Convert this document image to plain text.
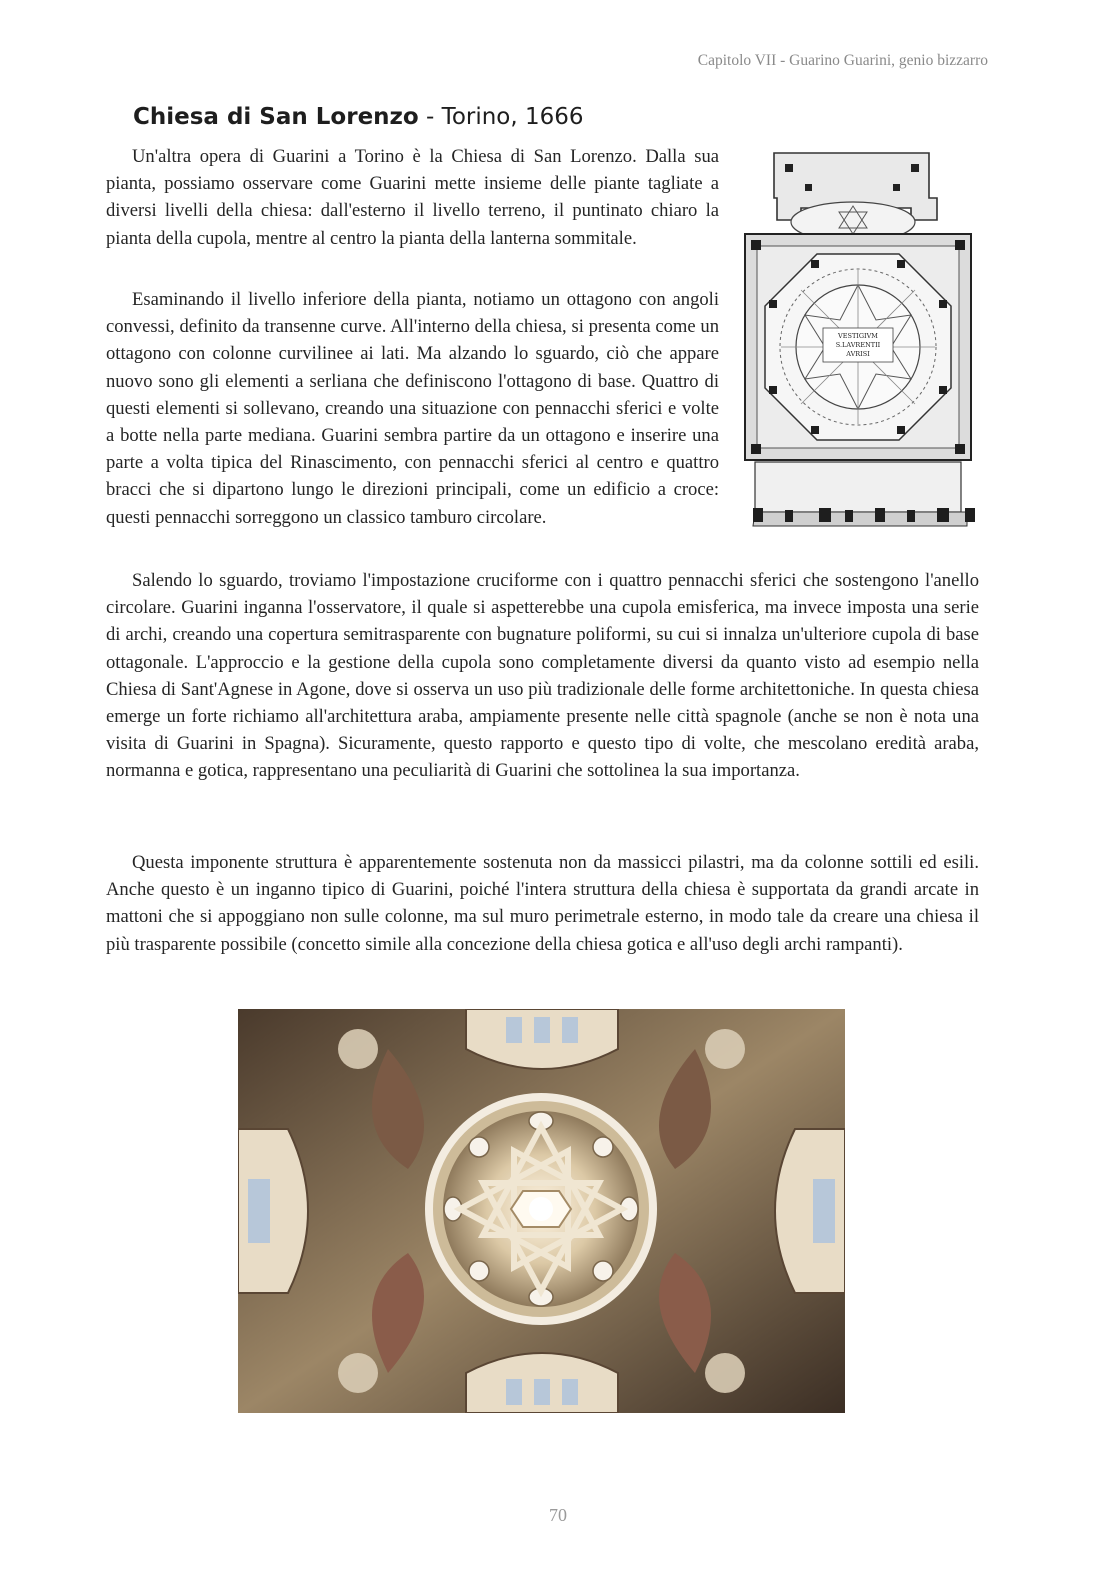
Capitolo VII - Guarino Guarini, genio bizzarro
Chiesa di San Lorenzo - Torino, 1666

Un'altra opera di Guarini a Torino è la Chiesa di San Lorenzo. Dalla sua pianta, possiamo osservare come Guarini mette insieme delle piante tagliate a diversi livelli della chiesa: dall'esterno il livello terreno, il puntinato chiaro la pianta della cupola, mentre al centro la pianta della lanterna sommitale.

Esaminando il livello inferiore della pianta, notiamo un ottagono con angoli convessi, definito da transenne curve. All'interno della chiesa, si presenta come un ottagono con colonne curvilinee ai lati. Ma alzando lo sguardo, ciò che appare nuovo sono gli elementi a serliana che definiscono l'ottagono di base. Quattro di questi elementi si sollevano, creando una situazione con pennacchi sferici e volte a botte nella parte mediana. Guarini sembra partire da un ottagono e inserire una parte a volta tipica del Rinascimento, con pennacchi sferici al centro e quattro bracci che si dipartono lungo le direzioni principali, come un edificio a croce: questi pennacchi sorreggono un classico tamburo circolare.

Salendo lo sguardo, troviamo l'impostazione cruciforme con i quattro pennacchi sferici che sostengono l'anello circolare. Guarini inganna l'osservatore, il quale si aspetterebbe una cupola emisferica, ma invece imposta una serie di archi, creando una copertura semitrasparente con bugnature poliformi, su cui si innalza un'ulteriore cupola di base ottagonale. L'approccio e la gestione della cupola sono completamente diversi da quanto visto ad esempio nella Chiesa di Sant'Agnese in Agone, dove si osserva un uso più tradizionale delle forme architettoniche. In questa chiesa emerge un forte richiamo all'architettura araba, ampiamente presente nelle città spagnole (anche se non è nota una visita di Guarini in Spagna). Sicuramente, questo rapporto e questo tipo di volte, che mescolano eredità araba, normanna e gotica, rappresentano una peculiarità di Guarini che sottolinea la sua importanza.

Questa imponente struttura è apparentemente sostenuta non da massicci pilastri, ma da colonne sottili ed esili. Anche questo è un inganno tipico di Guarini, poiché l'intera struttura della chiesa è supportata da grandi arcate in mattoni che si appoggiano non sulle colonne, ma sul muro perimetrale esterno, in modo tale da creare una chiesa il più trasparente possibile (concetto simile alla concezione della chiesa gotica e all'uso degli archi rampanti).

VESTIGIVM
S.LAVRENTII
AVRISI
70
